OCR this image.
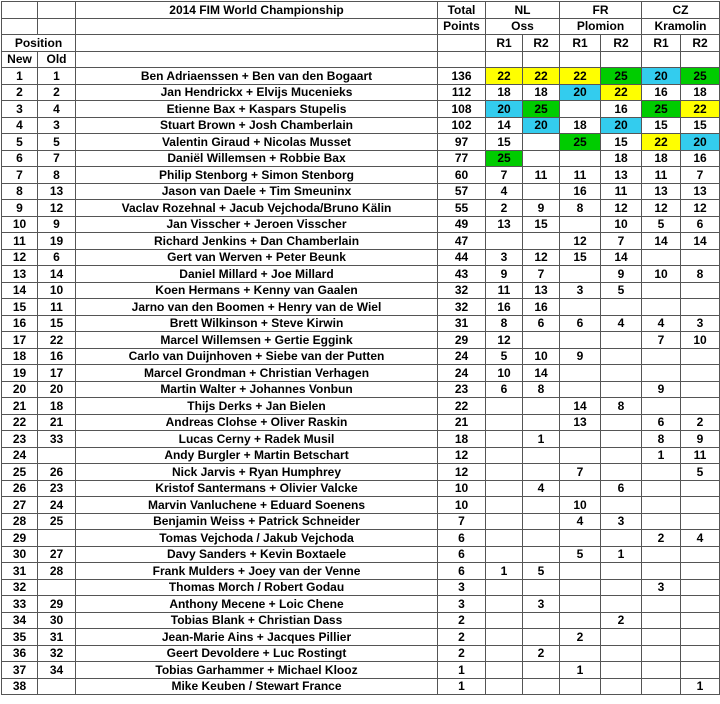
		2014 FIM World Championship	Total	NL		FR		CZ	
			Points	Oss		Plomion		Kramolin	
Position				R1	R2	R1	R2	R1	R2
New	Old								
1	1	Ben Adriaenssen + Ben van den Bogaart	136	22	22	22	25	20	25
2	2	Jan Hendrickx + Elvijs Mucenieks	112	18	18	20	22	16	18
3	4	Etienne Bax + Kaspars Stupelis	108	20	25		16	25	22
4	3	Stuart Brown + Josh Chamberlain	102	14	20	18	20	15	15
5	5	Valentin Giraud + Nicolas Musset	97	15		25	15	22	20
6	7	Daniël Willemsen + Robbie Bax	77	25			18	18	16
7	8	Philip Stenborg + Simon Stenborg	60	7	11	11	13	11	7
8	13	Jason van Daele + Tim Smeuninx	57	4		16	11	13	13
9	12	Vaclav Rozehnal + Jacub Vejchoda/Bruno Kälin	55	2	9	8	12	12	12
10	9	Jan Visscher + Jeroen Visscher	49	13	15		10	5	6
11	19	Richard Jenkins + Dan Chamberlain	47			12	7	14	14
12	6	Gert van Werven + Peter Beunk	44	3	12	15	14		
13	14	Daniel Millard + Joe Millard	43	9	7		9	10	8
14	10	Koen Hermans + Kenny van Gaalen	32	11	13	3	5		
15	11	Jarno van den Boomen + Henry van de Wiel	32	16	16				
16	15	Brett Wilkinson + Steve Kirwin	31	8	6	6	4	4	3
17	22	Marcel Willemsen + Gertie Eggink	29	12				7	10
18	16	Carlo van Duijnhoven + Siebe van der Putten	24	5	10	9			
19	17	Marcel Grondman + Christian Verhagen	24	10	14				
20	20	Martin Walter + Johannes Vonbun	23	6	8			9	
21	18	Thijs Derks + Jan Bielen	22			14	8		
22	21	Andreas Clohse + Oliver Raskin	21			13		6	2
23	33	Lucas Cerny + Radek Musil	18		1			8	9
24		Andy Burgler + Martin Betschart	12					1	11
25	26	Nick Jarvis + Ryan Humphrey	12			7			5
26	23	Kristof Santermans + Olivier Valcke	10		4		6		
27	24	Marvin Vanluchene + Eduard Soenens	10			10			
28	25	Benjamin Weiss + Patrick Schneider	7			4	3		
29		Tomas Vejchoda / Jakub Vejchoda	6					2	4
30	27	Davy Sanders + Kevin Boxtaele	6			5	1		
31	28	Frank Mulders + Joey van der Venne	6	1	5				
32		Thomas Morch / Robert Godau	3					3	
33	29	Anthony Mecene + Loic Chene	3		3				
34	30	Tobias Blank + Christian Dass	2				2		
35	31	Jean-Marie Ains + Jacques Pillier	2			2			
36	32	Geert Devoldere + Luc Rostingt	2		2				
37	34	Tobias Garhammer + Michael Klooz	1			1			
38		Mike Keuben / Stewart France	1						1
